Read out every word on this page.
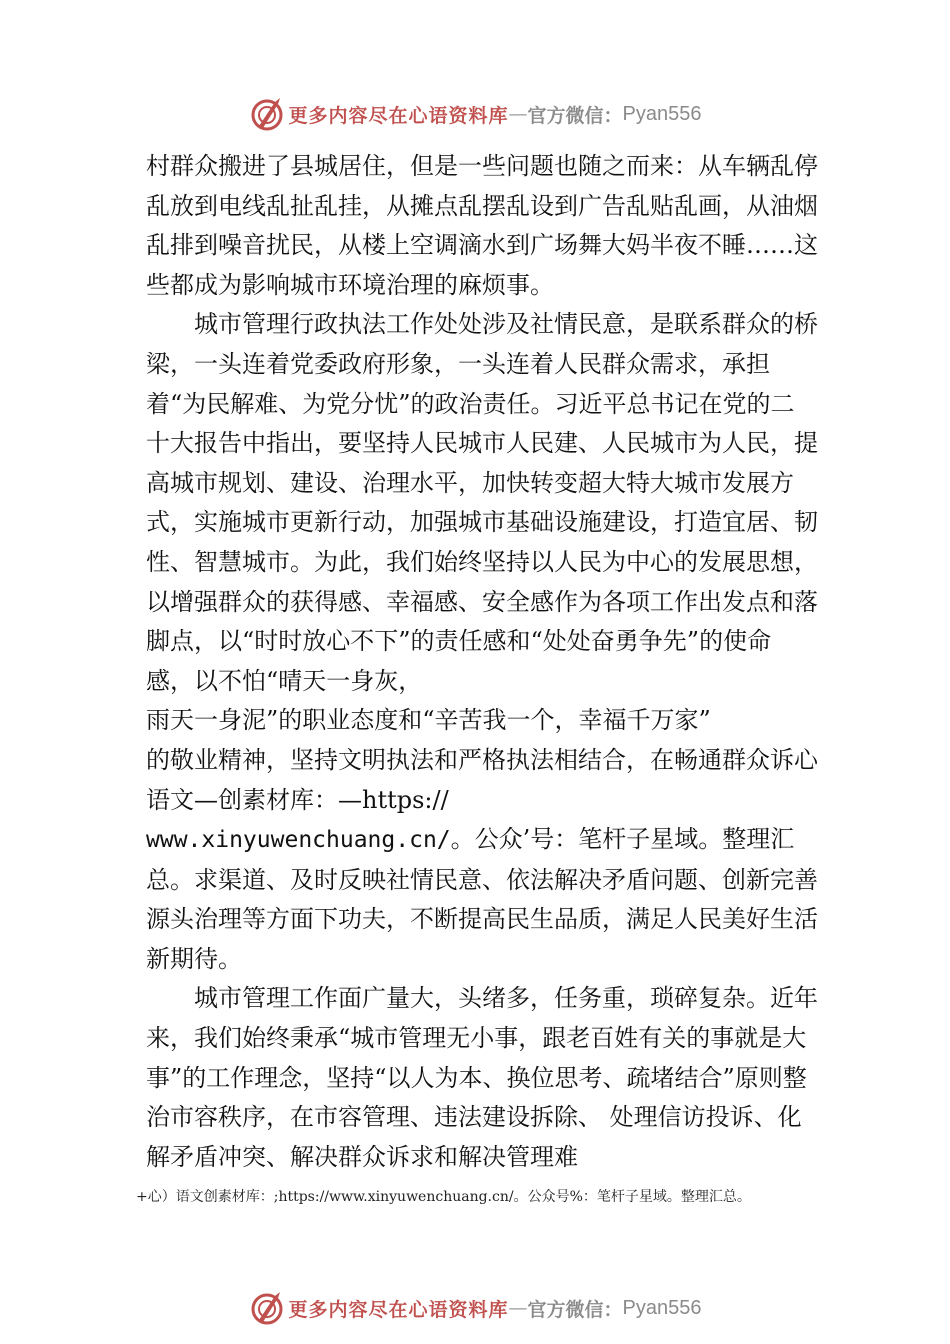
更多内容尽在心语资料库 — 官方微信： Pyan556

村群众搬进了县城居住，但是一些问题也随之而来：从车辆乱停乱放到电线乱扯乱挂，从摊点乱摆乱设到广告乱贴乱画，从油烟乱排到噪音扰民，从楼上空调滴水到广场舞大妈半夜不睡……这些都成为影响城市环境治理的麻烦事。

城市管理行政执法工作处处涉及社情民意，是联系群众的桥梁，一头连着党委政府形象，一头连着人民群众需求，承担着“为民解难、为党分忧”的政治责任。习近平总书记在党的二十大报告中指出，要坚持人民城市人民建、人民城市为人民，提高城市规划、建设、治理水平，加快转变超大特大城市发展方式，实施城市更新行动，加强城市基础设施建设，打造宜居、韧性、智慧城市。为此，我们始终坚持以人民为中心的发展思想，以增强群众的获得感、幸福感、安全感作为各项工作出发点和落脚点，以“时时放心不下”的责任感和“处处奋勇争先”的使命感，以不怕“晴天一身灰，
雨天一身泥”的职业态度和“辛苦我一个，幸福千万家”
的敬业精神，坚持文明执法和严格执法相结合，在畅通群众诉心语文—创素材库：—https://
www.xinyuwenchuang.cn/。公众’号：笔杆子星域。整理汇总。求渠道、及时反映社情民意、依法解决矛盾问题、创新完善源头治理等方面下功夫，不断提高民生品质，满足人民美好生活新期待。

城市管理工作面广量大，头绪多，任务重，琐碎复杂。近年来，我们始终秉承“城市管理无小事，跟老百姓有关的事就是大事”的工作理念，坚持“以人为本、换位思考、疏堵结合”原则整治市容秩序，在市容管理、违法建设拆除、 处理信访投诉、化解矛盾冲突、解决群众诉求和解决管理难

+心）语文创素材库：;https://www.xinyuwenchuang.cn/。公众号%：笔杆子星域。整理汇总。
更多内容尽在心语资料库 — 官方微信： Pyan556
